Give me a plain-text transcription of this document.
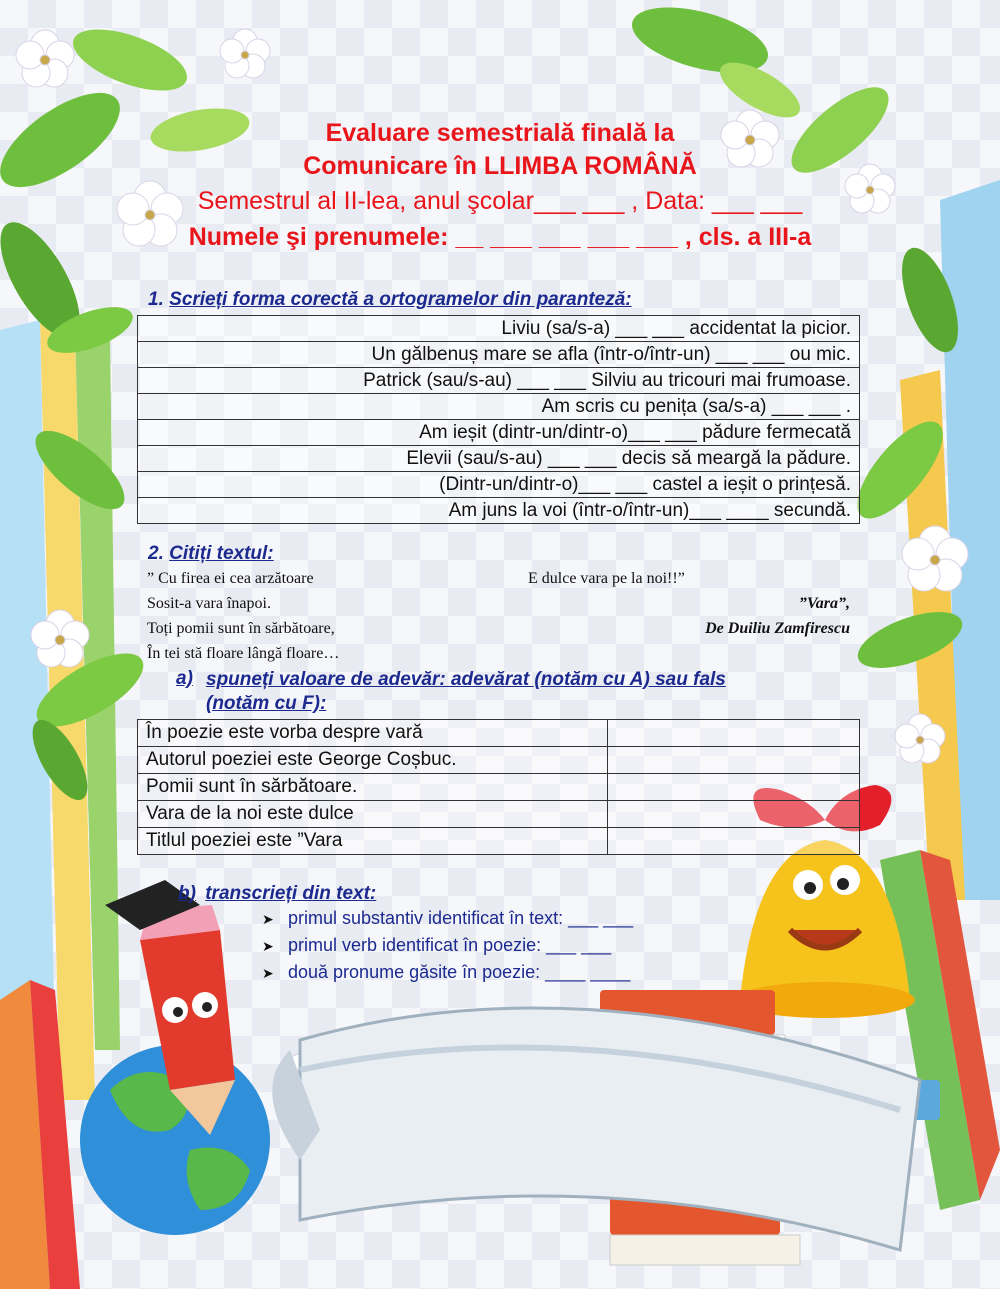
Evaluare semestrială finală la
Comunicare în LLIMBA ROMÂNĂ
Semestrul al II-lea, anul şcolar___ ___ , Data: ___ ___
Numele şi prenumele: __ ___ ___ ___ ___ , cls. a III-a
1. Scrieți forma corectă a ortogramelor din paranteză:
Liviu (sa/s-a) ___ ___ accidentat la picior.
Un gălbenuș mare se afla (într-o/într-un) ___ ___ ou mic.
Patrick (sau/s-au) ___ ___ Silviu au tricouri mai frumoase.
Am scris cu penița (sa/s-a) ___ ___ .
Am ieșit (dintr-un/dintr-o)___ ___ pădure fermecată
Elevii (sau/s-au) ___ ___ decis să meargă la pădure.
(Dintr-un/dintr-o)___ ___ castel a ieșit o prințesă.
Am juns la voi (într-o/într-un)___ ____ secundă.
2. Citiți textul:
” Cu firea ei cea arzătoare
Sosit-a vara înapoi.
Toți pomii sunt în sărbătoare,
În tei stă floare lângă floare…
E dulce vara pe la noi!!”
”Vara”,
De Duiliu Zamfirescu
a) spuneți valoare de adevăr: adevărat (notăm cu A) sau fals
(notăm cu F):
În poezie este vorba despre vară	
Autorul poeziei este George Coșbuc.	
Pomii sunt în sărbătoare.	
Vara de la noi este dulce	
Titlul poeziei este ”Vara	
b) transcrieți din text:
➤ primul substantiv identificat în text: ___ ___
➤ primul verb identificat în poezie: ___ ___
➤ două pronume găsite în poezie: ____ ____
